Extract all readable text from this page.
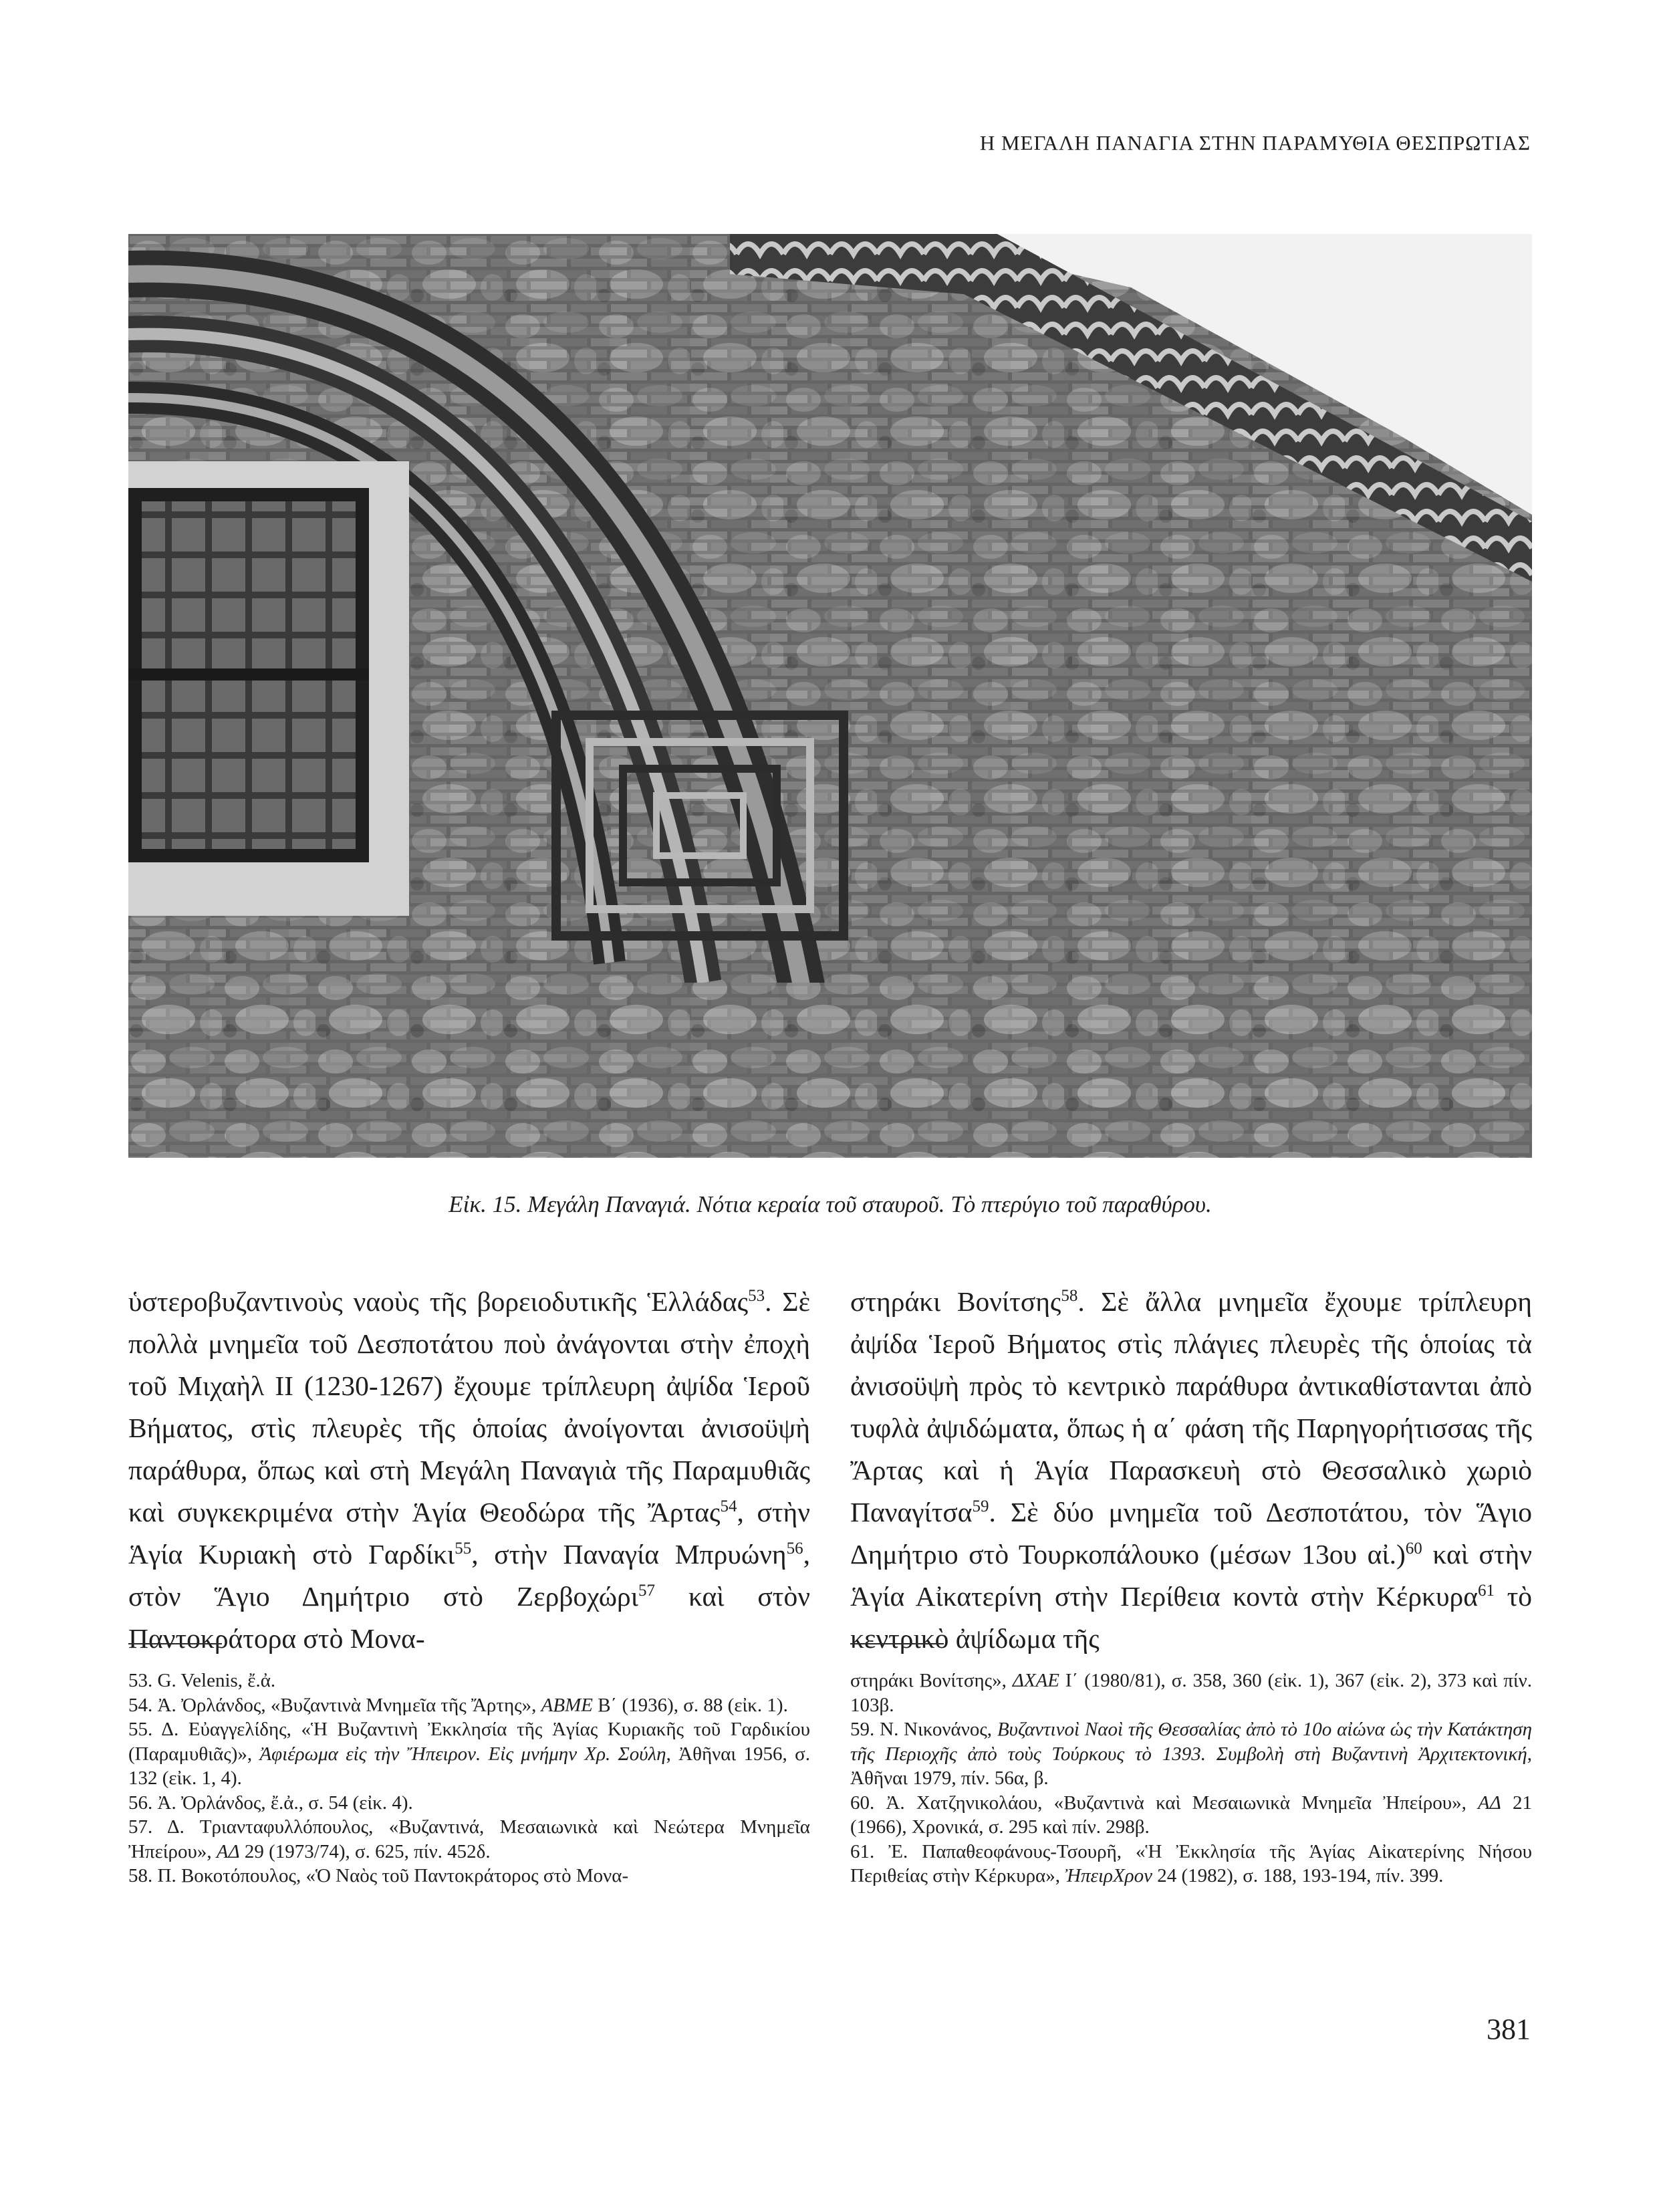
Η ΜΕΓΑΛΗ ΠΑΝΑΓΙΑ ΣΤΗΝ ΠΑΡΑΜΥΘΙΑ ΘΕΣΠΡΩΤΙΑΣ
Εἰκ. 15. Μεγάλη Παναγιά. Νότια κεραία τοῦ σταυροῦ. Τὸ πτερύγιο τοῦ παραθύρου.

ὑστεροβυζαντινοὺς ναοὺς τῆς βορειοδυτικῆς Ἑλλάδας$^{53}$. Σὲ πολλὰ μνημεῖα τοῦ Δεσποτάτου ποὺ ἀνάγονται στὴν ἐποχὴ τοῦ Μιχαὴλ ΙΙ (1230-1267) ἔχουμε τρίπλευρη ἀψίδα Ἱεροῦ Βήματος, στὶς πλευρὲς τῆς ὁποίας ἀνοίγονται ἀνισοϋψὴ παράθυρα, ὅπως καὶ στὴ Μεγάλη Παναγιὰ τῆς Παραμυθιᾶς καὶ συγκεκριμένα στὴν Ἁγία Θεοδώρα τῆς Ἄρτας$^{54}$, στὴν Ἁγία Κυριακὴ στὸ Γαρδίκι$^{55}$, στὴν Παναγία Μπρυώνη$^{56}$, στὸν Ἅγιο Δημήτριο στὸ Ζερβοχώρι$^{57}$ καὶ στὸν Παντοκράτορα στὸ Μονα-

στηράκι Βονίτσης$^{58}$. Σὲ ἄλλα μνημεῖα ἔχουμε τρίπλευρη ἀψίδα Ἱεροῦ Βήματος στὶς πλάγιες πλευρὲς τῆς ὁποίας τὰ ἀνισοϋψὴ πρὸς τὸ κεντρικὸ παράθυρα ἀντικαθίστανται ἀπὸ τυφλὰ ἀψιδώματα, ὅπως ἡ α΄ φάση τῆς Παρηγορήτισσας τῆς Ἄρτας καὶ ἡ Ἁγία Παρασκευὴ στὸ Θεσσαλικὸ χωριὸ Παναγίτσα$^{59}$. Σὲ δύο μνημεῖα τοῦ Δεσποτάτου, τὸν Ἅγιο Δημήτριο στὸ Τουρκοπάλουκο (μέσων 13ου αἰ.)$^{60}$ καὶ στὴν Ἁγία Αἰκατερίνη στὴν Περίθεια κοντὰ στὴν Κέρκυρα$^{61}$ τὸ κεντρικὸ ἀψίδωμα τῆς

53. G. Velenis, ἔ.ἀ.

54. Ἀ. Ὀρλάνδος, «Βυζαντινὰ Μνημεῖα τῆς Ἄρτης», ΑΒΜΕ Β΄ (1936), σ. 88 (εἰκ. 1).

55. Δ. Εὐαγγελίδης, «Ἡ Βυζαντινὴ Ἐκκλησία τῆς Ἁγίας Κυριακῆς τοῦ Γαρδικίου (Παραμυθιᾶς)», Ἀφιέρωμα εἰς τὴν Ἤπειρον. Εἰς μνήμην Χρ. Σούλη, Ἀθῆναι 1956, σ. 132 (εἰκ. 1, 4).

56. Ἀ. Ὀρλάνδος, ἔ.ἀ., σ. 54 (εἰκ. 4).

57. Δ. Τριανταφυλλόπουλος, «Βυζαντινά, Μεσαιωνικὰ καὶ Νεώτερα Μνημεῖα Ἠπείρου», ΑΔ 29 (1973/74), σ. 625, πίν. 452δ.

58. Π. Βοκοτόπουλος, «Ὁ Ναὸς τοῦ Παντοκράτορος στὸ Μονα-

στηράκι Βονίτσης», ΔΧΑΕ Ι΄ (1980/81), σ. 358, 360 (εἰκ. 1), 367 (εἰκ. 2), 373 καὶ πίν. 103β.

59. Ν. Νικονάνος, Βυζαντινοὶ Ναοὶ τῆς Θεσσαλίας ἀπὸ τὸ 10ο αἰώνα ὡς τὴν Κατάκτηση τῆς Περιοχῆς ἀπὸ τοὺς Τούρκους τὸ 1393. Συμβολὴ στὴ Βυζαντινὴ Ἀρχιτεκτονική, Ἀθῆναι 1979, πίν. 56α, β.

60. Ἀ. Χατζηνικολάου, «Βυζαντινὰ καὶ Μεσαιωνικὰ Μνημεῖα Ἠπείρου», ΑΔ 21 (1966), Χρονικά, σ. 295 καὶ πίν. 298β.

61. Ἐ. Παπαθεοφάνους-Τσουρῆ, «Ἡ Ἐκκλησία τῆς Ἁγίας Αἰκατερίνης Νήσου Περιθείας στὴν Κέρκυρα», ἨπειρΧρον 24 (1982), σ. 188, 193-194, πίν. 399.

381
